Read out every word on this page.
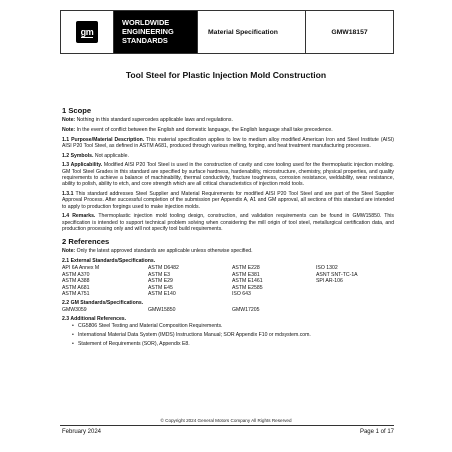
gm
WORLDWIDE
ENGINEERING
STANDARDS
Material Specification	GMW18157
Tool Steel for Plastic Injection Mold Construction
1 Scope

Note: Nothing in this standard supercedes applicable laws and regulations.

Note: In the event of conflict between the English and domestic language, the English language shall take precedence.

1.1 Purpose/Material Description. This material specification applies to low to medium alloy modified American Iron and Steel Institute (AISI) AISI P20 Tool Steel, as defined in ASTM A681, produced through various melting, forging, and heat treatment manufacturing processes.

1.2 Symbols. Not applicable.

1.3 Applicability. Modified AISI P20 Tool Steel is used in the construction of cavity and core tooling used for the thermoplastic injection molding. GM Tool Steel Grades in this standard are specified by surface hardness, hardenability, microstructure, chemistry, physical properties, and quality requirements to achieve a balance of machinability, thermal conductivity, fracture toughness, corrosion resistance, weldability, wear resistance, ability to polish, ability to etch, and core strength which are all critical characteristics of injection mold tools.

1.3.1 This standard addresses Steel Supplier and Material Requirements for modified AISI P20 Tool Steel and are part of the Steel Supplier Approval Process. After successful completion of the submission per Appendix A, A1 and GM approval, all sections of this standard are intended to apply to production forgings used to make injection molds.

1.4 Remarks. Thermoplastic injection mold tooling design, construction, and validation requirements can be found in GMW15850. This specification is intended to support technical problem solving when considering the mill origin of tool steel, metallurgical certification data, and production processing only and will not specify tool build requirements.

2 References

Note: Only the latest approved standards are applicable unless otherwise specified.

2.1 External Standards/Specifications.
API 6A Annex M	ASTM D6482	ASTM E228	ISO 1302
ASTM A370	ASTM E3	ASTM E381	ASNT SNT-TC-1A
ASTM A388	ASTM E29	ASTM E1461	SPI AR-106
ASTM A681	ASTM E45	ASTM E2585	
ASTM A751	ASTM E140	ISO 643	
2.2 GM Standards/Specifications.
GMW3059	GMW15850	GMW17205	
2.3 Additional References.
• CG5806 Steel Testing and Material Composition Requirements.
• International Material Data System (IMDS) Instructions Manual; SOR Appendix F10 or mdsystem.com.
• Statement of Requirements (SOR), Appendix E8.
© Copyright 2024 General Motors Company All Rights Reserved
February 2024	Page 1 of 17
